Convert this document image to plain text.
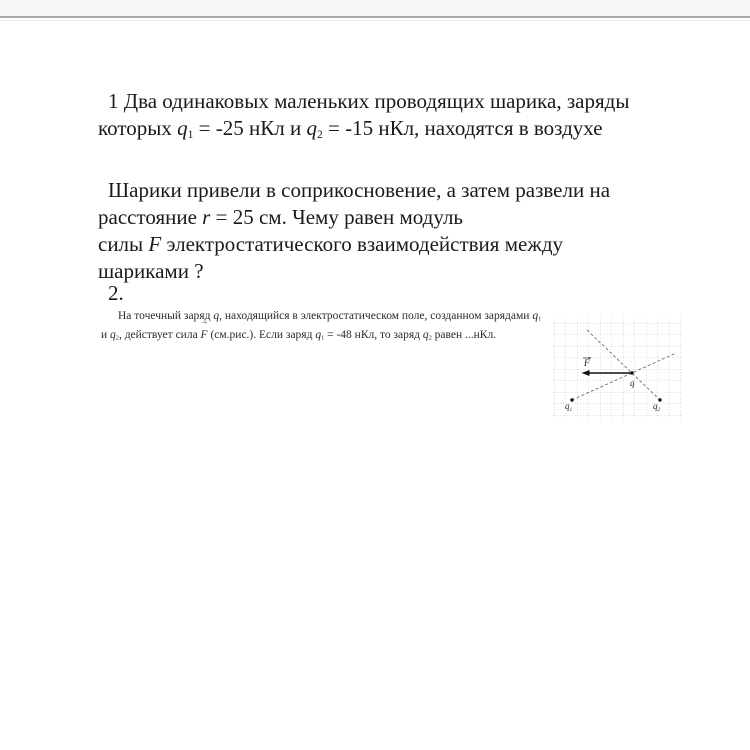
1 Два одинаковых маленьких проводящих шарика, заряды
которых $q_1 = -25$ нКл и $q_2 = -15$ нКл, находятся в воздухе
Шарики привели в соприкосновение, а затем развели на
расстояние r = 25 см. Чему равен модуль
силы F электростатического взаимодействия между
шариками ?
2.
На точечный заряд q, находящийся в электростатическом поле, созданном зарядами $q_1$
и $q_2$, действует сила F → (см.рис.). Если заряд $q_1 = -48$ нКл, то заряд $q_2$ равен ...нКл.
F
q
$q_1$	$q_2$
